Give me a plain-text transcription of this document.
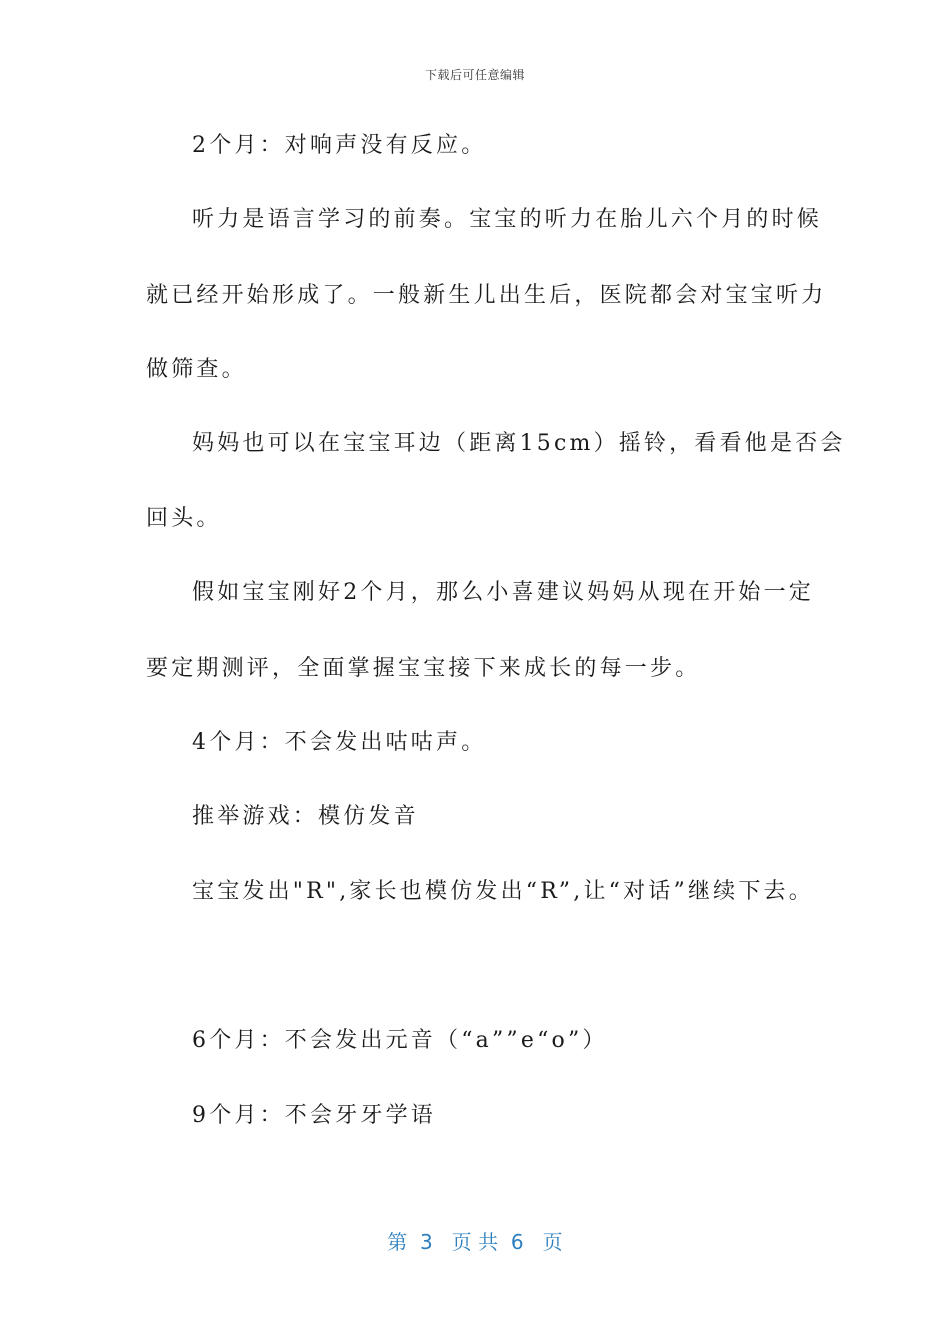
下载后可任意编辑
2个月：对响声没有反应。
听力是语言学习的前奏。宝宝的听力在胎儿六个月的时候
就已经开始形成了。一般新生儿出生后，医院都会对宝宝听力
做筛查。
妈妈也可以在宝宝耳边（距离15cm）摇铃，看看他是否会
回头。
假如宝宝刚好2个月，那么小喜建议妈妈从现在开始一定
要定期测评，全面掌握宝宝接下来成长的每一步。
4个月：不会发出咕咕声。
推举游戏：模仿发音
宝宝发出"R",家长也模仿发出“R”,让“对话”继续下去。
6个月：不会发出元音（“a””e“o”）
9个月：不会牙牙学语
第  3   页 共  6   页
